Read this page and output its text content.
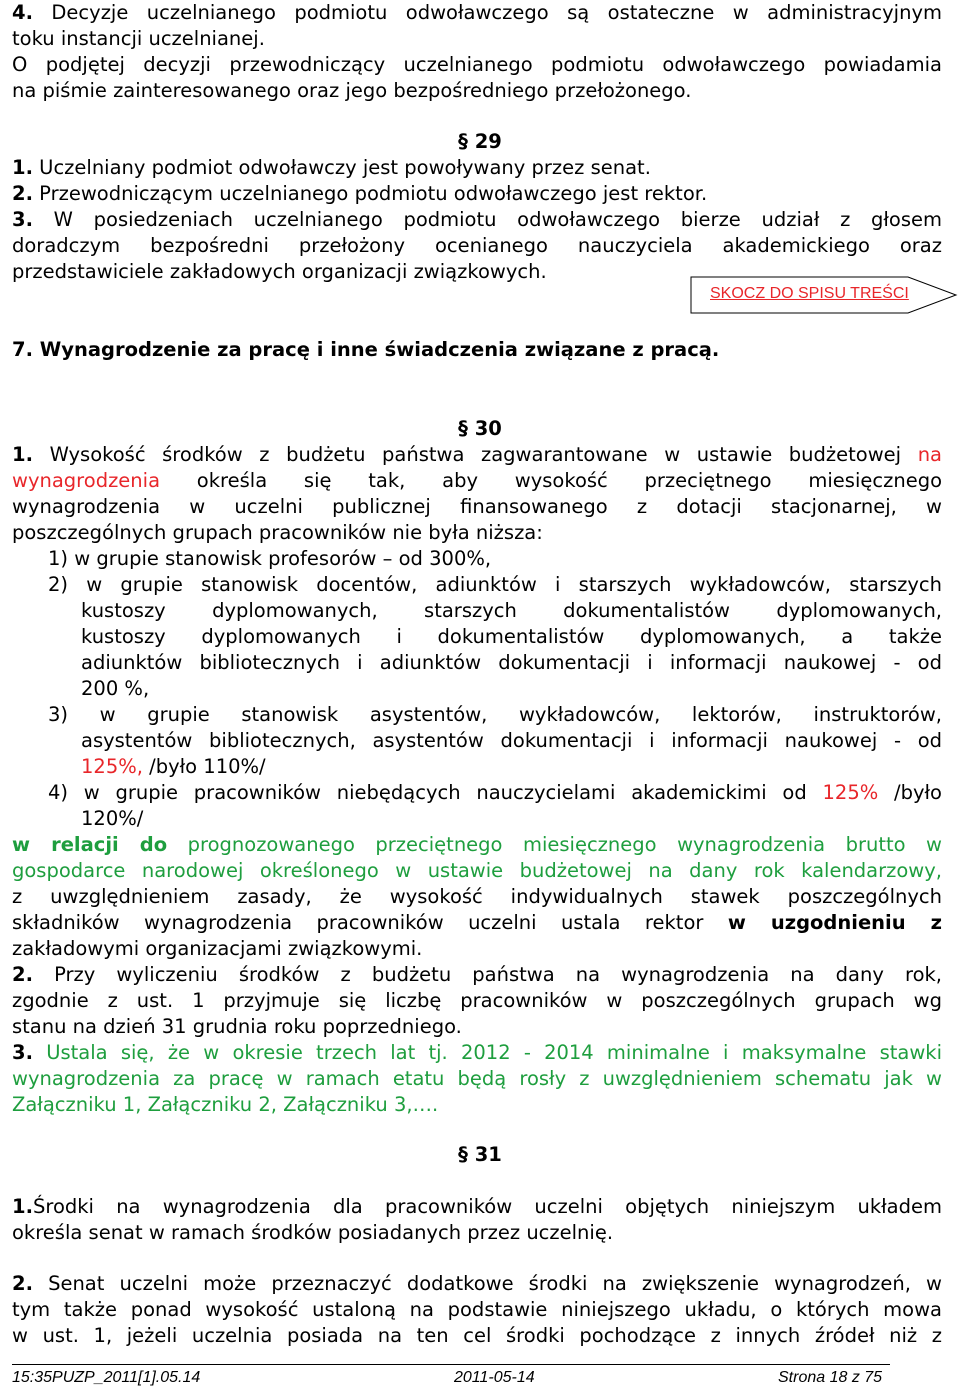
4. Decyzje uczelnianego podmiotu odwoławczego są ostateczne w administracyjnym
toku instancji uczelnianej.
O podjętej decyzji przewodniczący uczelnianego podmiotu odwoławczego powiadamia
na piśmie zainteresowanego oraz jego bezpośredniego przełożonego.
§ 29
1. Uczelniany podmiot odwoławczy jest powoływany przez senat.
2. Przewodniczącym uczelnianego podmiotu odwoławczego jest rektor.
3. W posiedzeniach uczelnianego podmiotu odwoławczego bierze udział z głosem
doradczym bezpośredni przełożony ocenianego nauczyciela akademickiego oraz
przedstawiciele zakładowych organizacji związkowych.
SKOCZ DO SPISU TREŚCI
7. Wynagrodzenie za pracę i inne świadczenia związane z pracą.
§ 30
1. Wysokość środków z budżetu państwa zagwarantowane w ustawie budżetowej na
wynagrodzenia określa się tak, aby wysokość przeciętnego miesięcznego
wynagrodzenia w uczelni publicznej finansowanego z dotacji stacjonarnej, w
poszczególnych grupach pracowników nie była niższa:
1) w grupie stanowisk profesorów – od 300%,
2) w grupie stanowisk docentów, adiunktów i starszych wykładowców, starszych
kustoszy dyplomowanych, starszych dokumentalistów dyplomowanych,
kustoszy dyplomowanych i dokumentalistów dyplomowanych, a także
adiunktów bibliotecznych i adiunktów dokumentacji i informacji naukowej - od
200 %,
3) w grupie stanowisk asystentów, wykładowców, lektorów, instruktorów,
asystentów bibliotecznych, asystentów dokumentacji i informacji naukowej - od
125%, /było 110%/
4) w grupie pracowników niebędących nauczycielami akademickimi od 125% /było
120%/
w relacji do prognozowanego przeciętnego miesięcznego wynagrodzenia brutto w
gospodarce narodowej określonego w ustawie budżetowej na dany rok kalendarzowy,
z uwzględnieniem zasady, że wysokość indywidualnych stawek poszczególnych
składników wynagrodzenia pracowników uczelni ustala rektor w uzgodnieniu z
zakładowymi organizacjami związkowymi.
2. Przy wyliczeniu środków z budżetu państwa na wynagrodzenia na dany rok,
zgodnie z ust. 1 przyjmuje się liczbę pracowników w poszczególnych grupach wg
stanu na dzień 31 grudnia roku poprzedniego.
3. Ustala się, że w okresie trzech lat tj. 2012 - 2014 minimalne i maksymalne stawki
wynagrodzenia za pracę w ramach etatu będą rosły z uwzględnieniem schematu jak w
Załączniku 1, Załączniku 2, Załączniku 3,….
§ 31
1.Środki na wynagrodzenia dla pracowników uczelni objętych niniejszym układem
określa senat w ramach środków posiadanych przez uczelnię.
2. Senat uczelni może przeznaczyć dodatkowe środki na zwiększenie wynagrodzeń, w
tym także ponad wysokość ustaloną na podstawie niniejszego układu, o których mowa
w ust. 1, jeżeli uczelnia posiada na ten cel środki pochodzące z innych źródeł niż z
15:35PUZP_2011[1].05.14	2011-05-14	Strona 18 z 75
